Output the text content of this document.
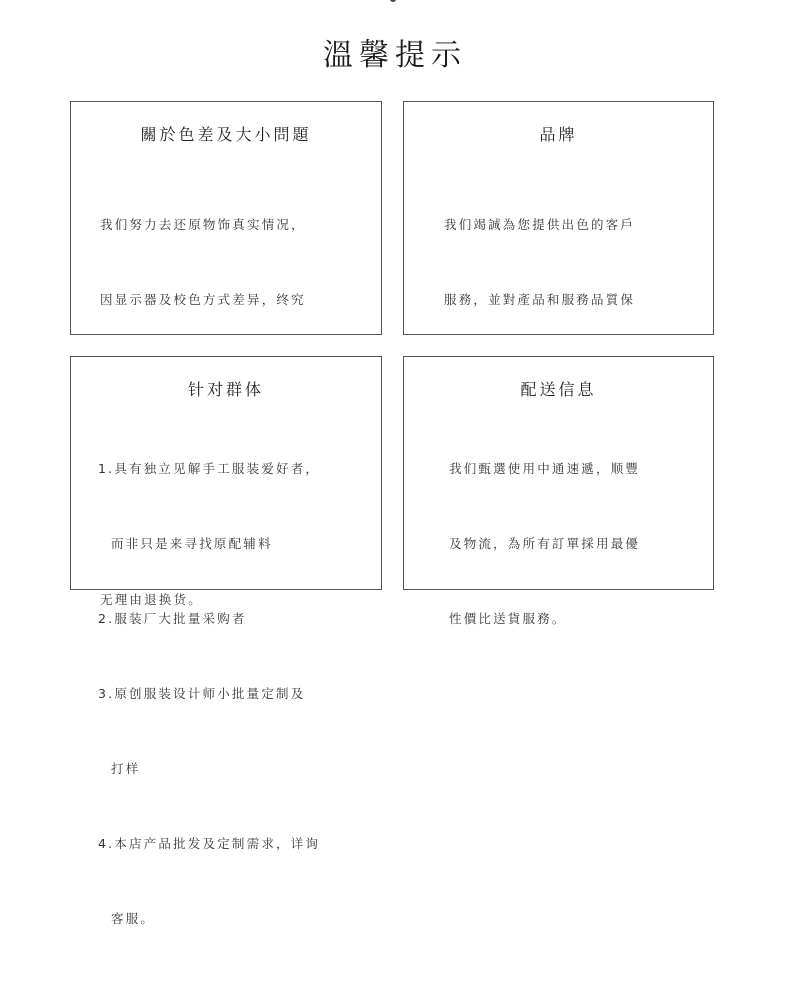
溫馨提示
關於色差及大小問題

我们努力去还原物饰真实情况，

因显示器及校色方式差异，终究

无理由退换货。

品牌

我们竭誠為您提供出色的客戶

服務，並對產品和服務品質保

针对群体

1.具有独立见解手工服装爱好者，

而非只是来寻找原配辅料

2.服装厂大批量采购者

3.原创服装设计师小批量定制及

打样

4.本店产品批发及定制需求，详询

客服。

配送信息

我们甄選使用中通速遞，顺豐

及物流，為所有訂單採用最優

性價比送貨服務。
